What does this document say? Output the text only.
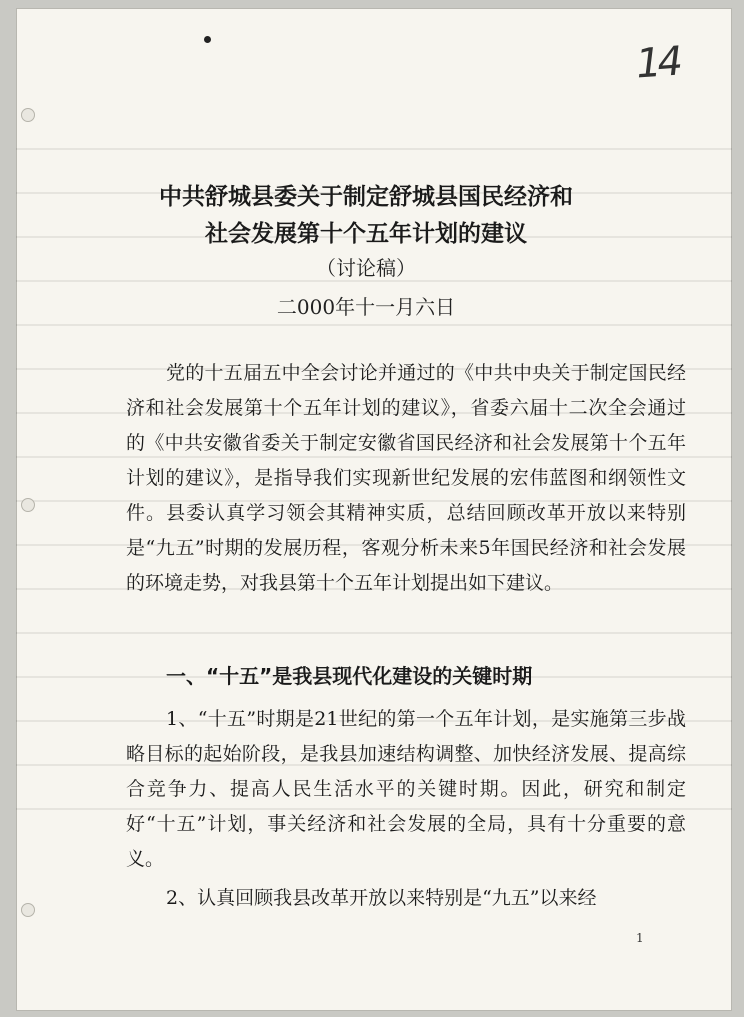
14
中共舒城县委关于制定舒城县国民经济和
社会发展第十个五年计划的建议
（讨论稿）
二000年十一月六日
党的十五届五中全会讨论并通过的《中共中央关于制定国民经济和社会发展第十个五年计划的建议》，省委六届十二次全会通过的《中共安徽省委关于制定安徽省国民经济和社会发展第十个五年计划的建议》，是指导我们实现新世纪发展的宏伟蓝图和纲领性文件。县委认真学习领会其精神实质，总结回顾改革开放以来特别是“九五”时期的发展历程，客观分析未来5年国民经济和社会发展的环境走势，对我县第十个五年计划提出如下建议。
一、“十五”是我县现代化建设的关键时期
1、“十五”时期是21世纪的第一个五年计划，是实施第三步战略目标的起始阶段，是我县加速结构调整、加快经济发展、提高综合竞争力、提高人民生活水平的关键时期。因此，研究和制定好“十五”计划，事关经济和社会发展的全局，具有十分重要的意义。
2、认真回顾我县改革开放以来特别是“九五”以来经
1
